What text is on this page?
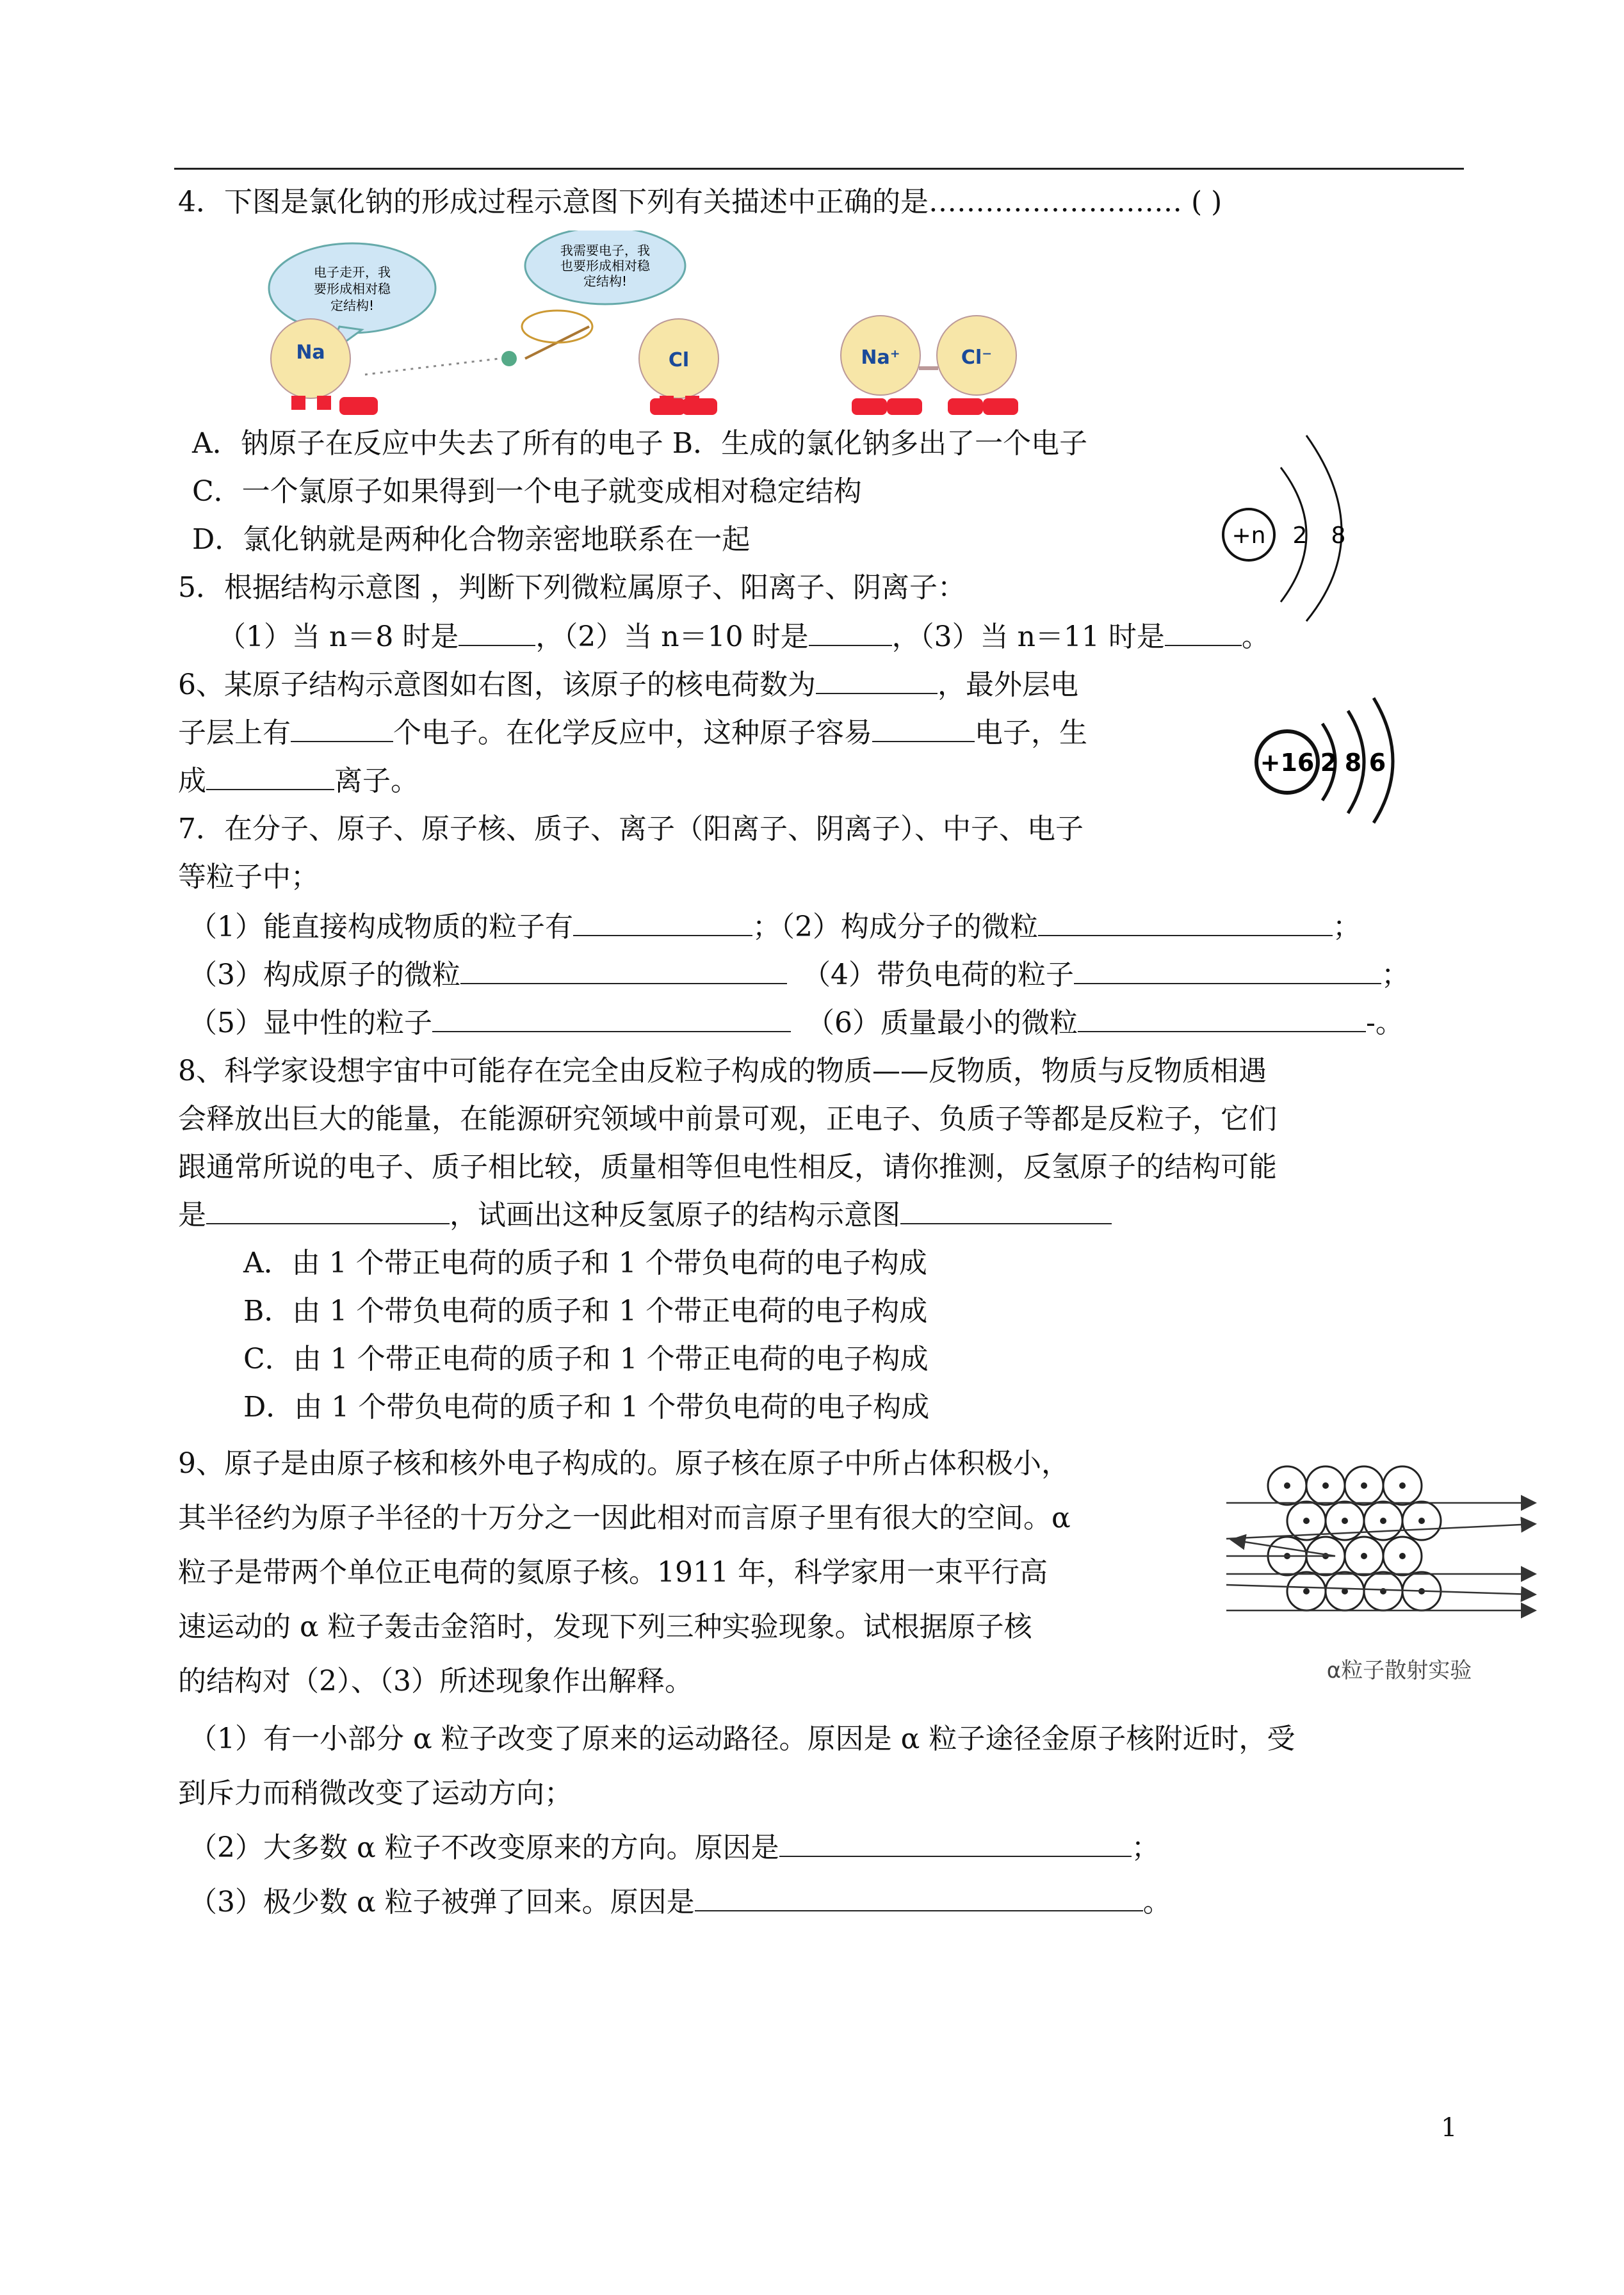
4．下图是氯化钠的形成过程示意图下列有关描述中正确的是……………………… ( )
电子走开，我
要形成相对稳
定结构!
我需要电子，我
也要形成相对稳
定结构!
Na	Cl	Na⁺	Cl⁻
A．钠原子在反应中失去了所有的电子 B．生成的氯化钠多出了一个电子
C．一个氯原子如果得到一个电子就变成相对稳定结构
D．氯化钠就是两种化合物亲密地联系在一起	+n 2 8
5．根据结构示意图 ，判断下列微粒属原子、阳离子、阴离子：
（1）当 n＝8 时是	，（2）当 n＝10 时是	，（3）当 n＝11 时是	。
6、某原子结构示意图如右图，该原子的核电荷数为	，最外层电
子层上有	个电子。在化学反应中，这种原子容易	电子，生
成	离子。
+16 2 8 6
7．在分子、原子、原子核、质子、离子（阳离子、阴离子）、中子、电子
等粒子中；
（1）能直接构成物质的粒子有	；（2）构成分子的微粒	；
（3）构成原子的微粒	（4）带负电荷的粒子	；
（5）显中性的粒子	（6）质量最小的微粒	-。
8、科学家设想宇宙中可能存在完全由反粒子构成的物质——反物质，物质与反物质相遇
会释放出巨大的能量，在能源研究领域中前景可观，正电子、负质子等都是反粒子，它们
跟通常所说的电子、质子相比较，质量相等但电性相反，请你推测，反氢原子的结构可能
是	，试画出这种反氢原子的结构示意图
A．由 1 个带正电荷的质子和 1 个带负电荷的电子构成
B．由 1 个带负电荷的质子和 1 个带正电荷的电子构成
C．由 1 个带正电荷的质子和 1 个带正电荷的电子构成
D．由 1 个带负电荷的质子和 1 个带负电荷的电子构成
9、原子是由原子核和核外电子构成的。原子核在原子中所占体积极小，
其半径约为原子半径的十万分之一因此相对而言原子里有很大的空间。α
粒子是带两个单位正电荷的氦原子核。1911 年，科学家用一束平行高
速运动的 α 粒子轰击金箔时，发现下列三种实验现象。试根据原子核
的结构对（2）、（3）所述现象作出解释。	α粒子散射实验
（1）有一小部分 α 粒子改变了原来的运动路径。原因是 α 粒子途径金原子核附近时，受
到斥力而稍微改变了运动方向；
（2）大多数 α 粒子不改变原来的方向。原因是	；
（3）极少数 α 粒子被弹了回来。原因是	。
1
